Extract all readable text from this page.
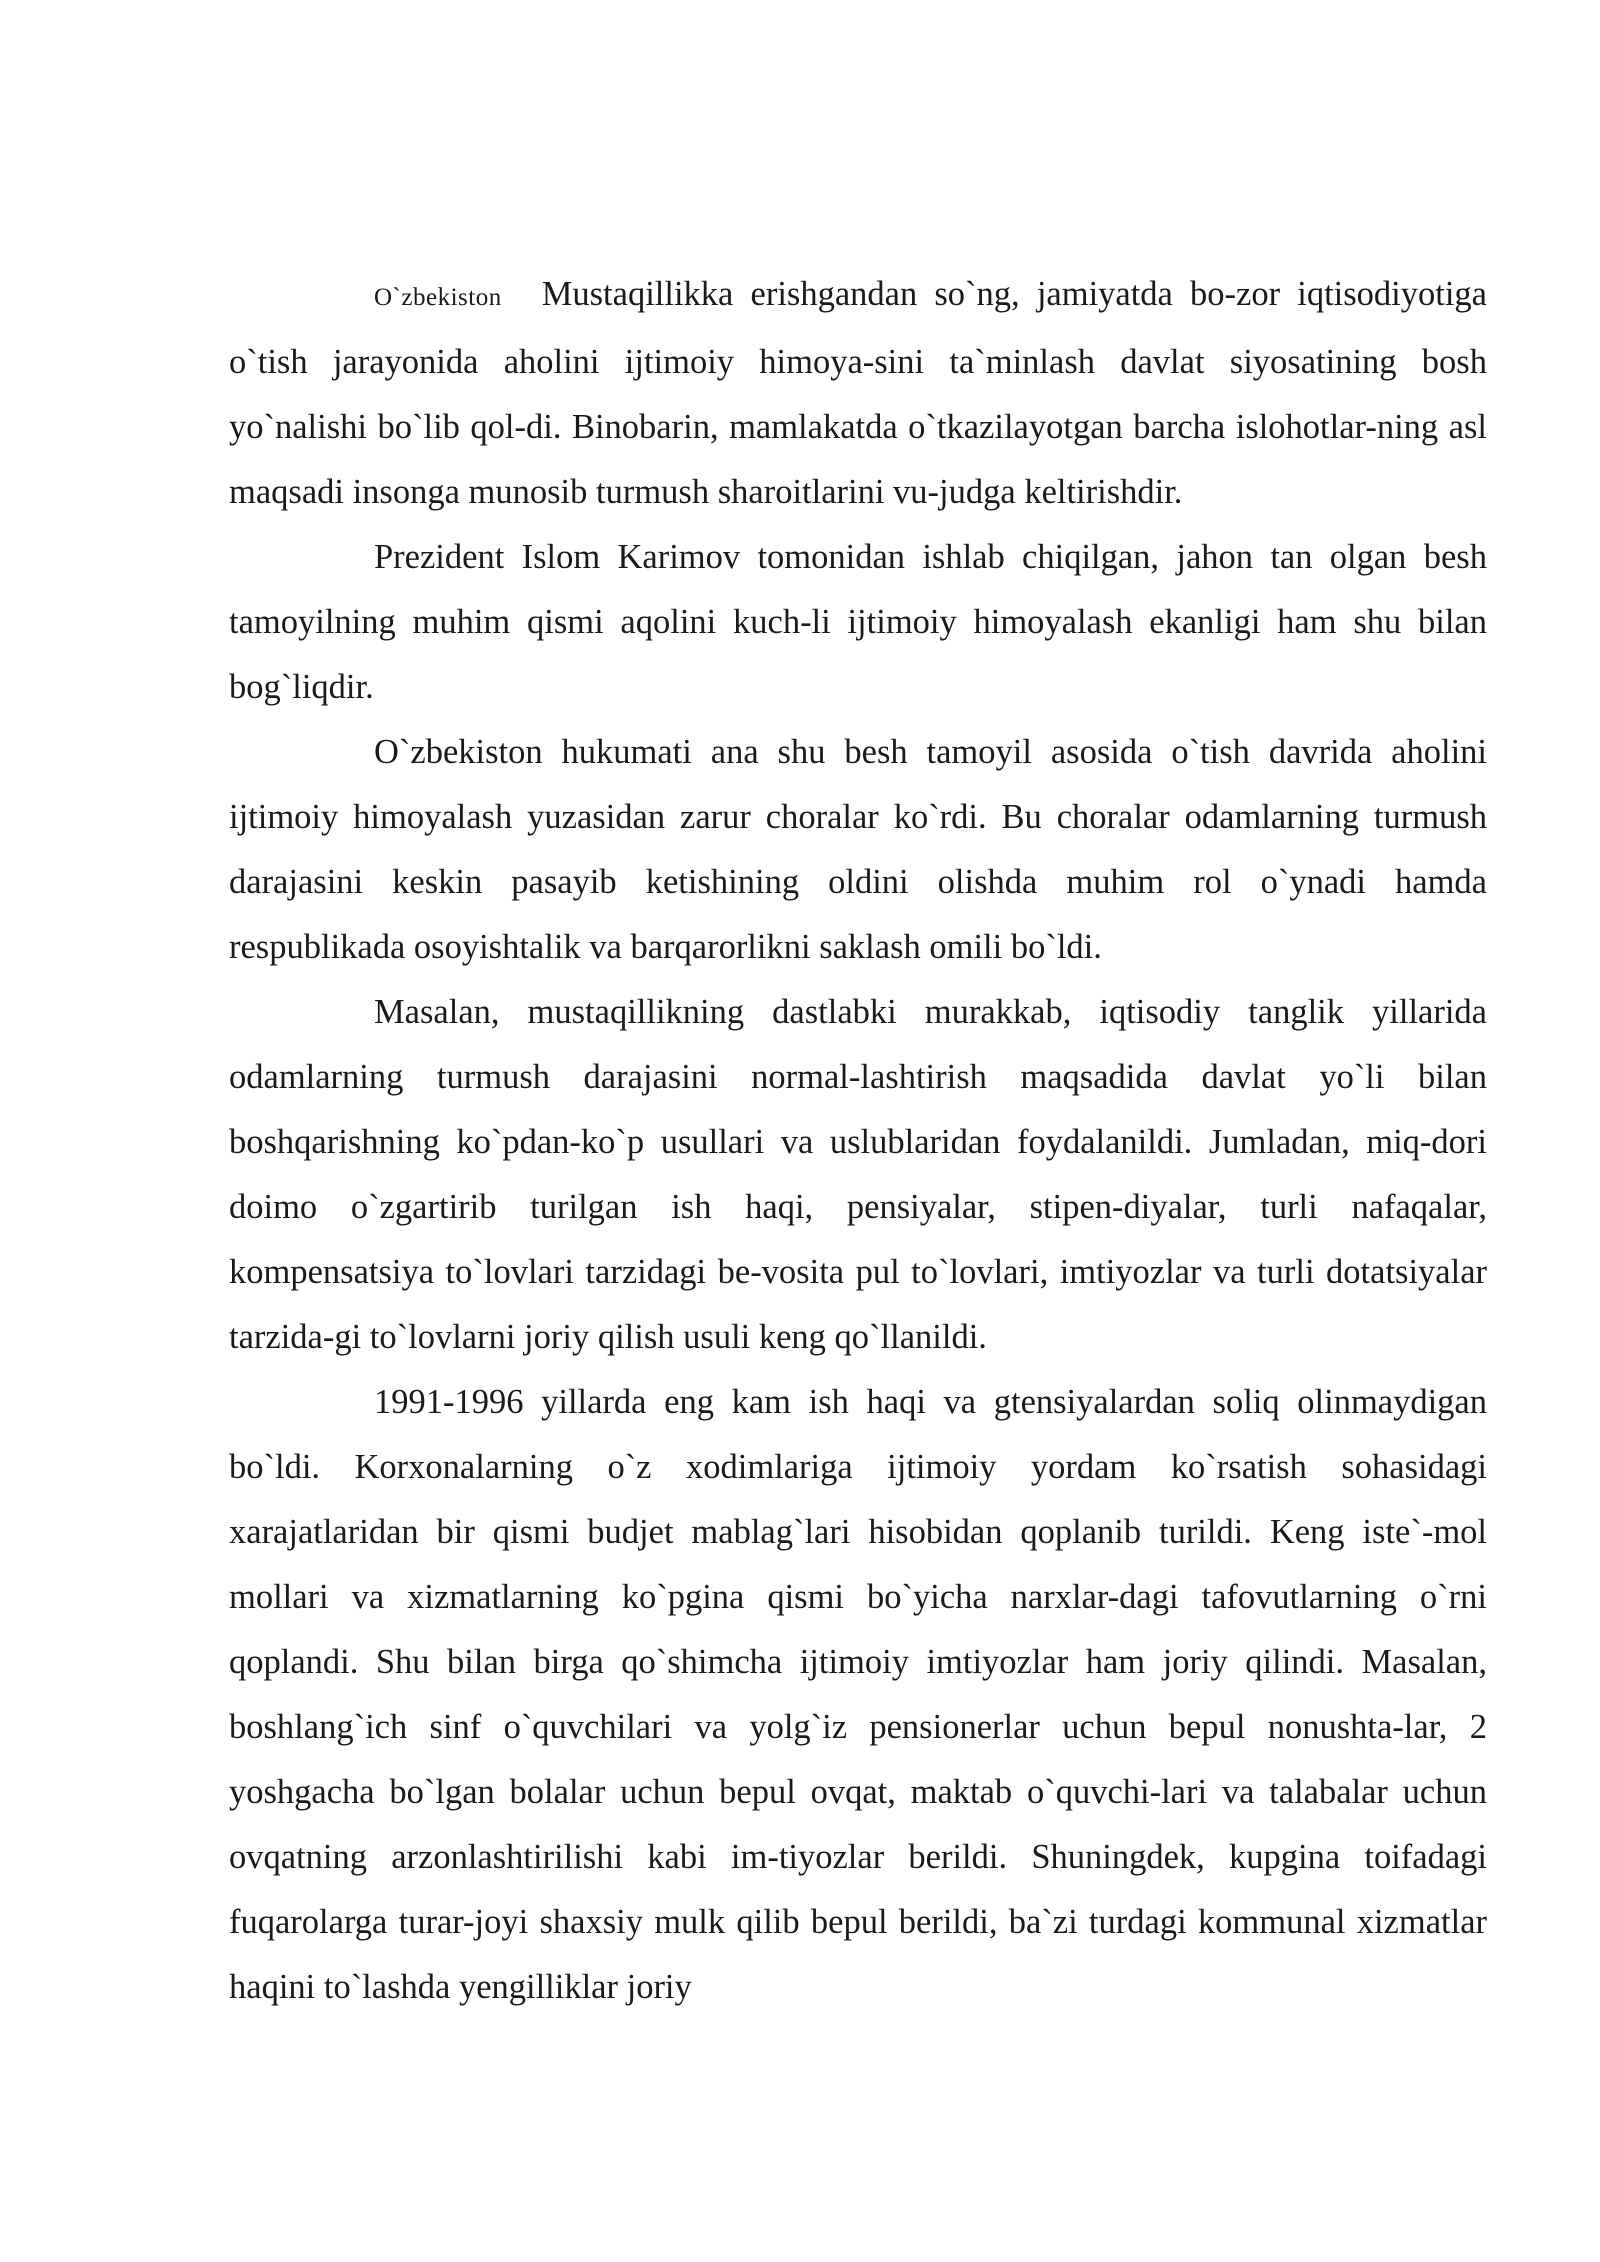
O`zbekiston Mustaqillikka erishgandan so`ng, jamiyatda bo-zor iqtisodiyotiga o`tish jarayonida aholini ijtimoiy himoya-sini ta`minlash davlat siyosatining bosh yo`nalishi bo`lib qol-di. Binobarin, mamlakatda o`tkazilayotgan barcha islohotlar-ning asl maqsadi insonga munosib turmush sharoitlarini vu-judga keltirishdir.

Prezident Islom Karimov tomonidan ishlab chiqilgan, jahon tan olgan besh tamoyilning muhim qismi aqolini kuch-li ijtimoiy himoyalash ekanligi ham shu bilan bog`liqdir.

O`zbekiston hukumati ana shu besh tamoyil asosida o`tish davrida aholini ijtimoiy himoyalash yuzasidan zarur choralar ko`rdi. Bu choralar odamlarning turmush darajasini keskin pasayib ketishining oldini olishda muhim rol o`ynadi hamda respublikada osoyishtalik va barqarorlikni saklash omili bo`ldi.

Masalan, mustaqillikning dastlabki murakkab, iqtisodiy tanglik yillarida odamlarning turmush darajasini normal-lashtirish maqsadida davlat yo`li bilan boshqarishning ko`pdan-ko`p usullari va uslublaridan foydalanildi. Jumladan, miq-dori doimo o`zgartirib turilgan ish haqi, pensiyalar, stipen-diyalar, turli nafaqalar, kompensatsiya to`lovlari tarzidagi be-vosita pul to`lovlari, imtiyozlar va turli dotatsiyalar tarzida-gi to`lovlarni joriy qilish usuli keng qo`llanildi.

1991-1996 yillarda eng kam ish haqi va gtensiyalardan soliq olinmaydigan bo`ldi. Korxonalarning o`z xodimlariga ijtimoiy yordam ko`rsatish sohasidagi xarajatlaridan bir qismi budjet mablag`lari hisobidan qoplanib turildi. Keng iste`-mol mollari va xizmatlarning ko`pgina qismi bo`yicha narxlar-dagi tafovutlarning o`rni qoplandi. Shu bilan birga qo`shimcha ijtimoiy imtiyozlar ham joriy qilindi. Masalan, boshlang`ich sinf o`quvchilari va yolg`iz pensionerlar uchun bepul nonushta-lar, 2 yoshgacha bo`lgan bolalar uchun bepul ovqat, maktab o`quvchi-lari va talabalar uchun ovqatning arzonlashtirilishi kabi im-tiyozlar berildi. Shuningdek, kupgina toifadagi fuqarolarga turar-joyi shaxsiy mulk qilib bepul berildi, ba`zi turdagi kommunal xizmatlar haqini to`lashda yengilliklar joriy
